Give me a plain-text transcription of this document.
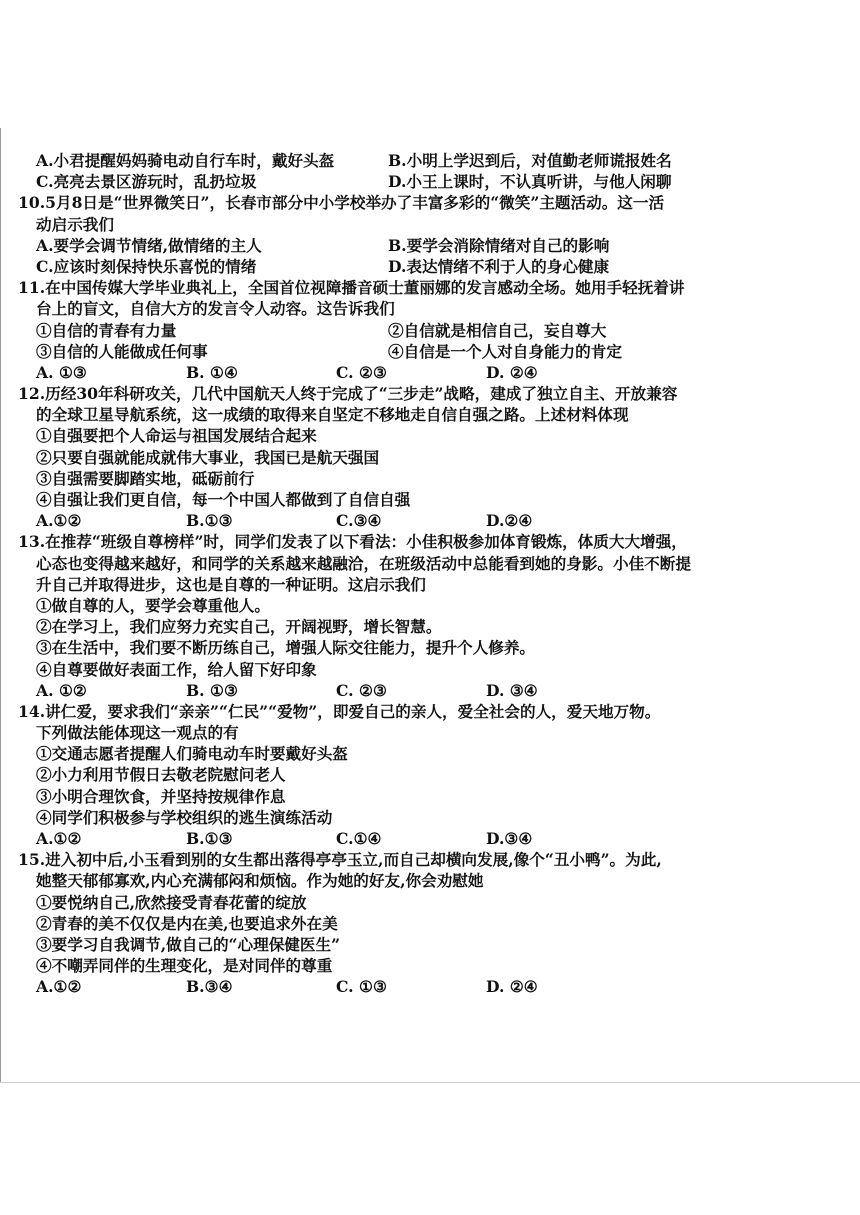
A.小君提醒妈妈骑电动自行车时，戴好头盔	B.小明上学迟到后，对值勤老师谎报姓名
C.亮亮去景区游玩时，乱扔垃圾	D.小王上课时，不认真听讲，与他人闲聊
10.5月8日是“世界微笑日”，长春市部分中小学校举办了丰富多彩的“微笑”主题活动。这一活
动启示我们
A.要学会调节情绪,做情绪的主人	B.要学会消除情绪对自己的影响
C.应该时刻保持快乐喜悦的情绪	D.表达情绪不利于人的身心健康
11.在中国传媒大学毕业典礼上，全国首位视障播音硕士董丽娜的发言感动全场。她用手轻抚着讲
台上的盲文，自信大方的发言令人动容。这告诉我们
①自信的青春有力量	②自信就是相信自己，妄自尊大
③自信的人能做成任何事	④自信是一个人对自身能力的肯定
A. ①③	B. ①④	C. ②③	D. ②④
12.历经30年科研攻关，几代中国航天人终于完成了“三步走”战略，建成了独立自主、开放兼容
的全球卫星导航系统，这一成绩的取得来自坚定不移地走自信自强之路。上述材料体现
①自强要把个人命运与祖国发展结合起来
②只要自强就能成就伟大事业，我国已是航天强国
③自强需要脚踏实地，砥砺前行
④自强让我们更自信，每一个中国人都做到了自信自强
A.①②	B.①③	C.③④	D.②④
13.在推荐“班级自尊榜样”时，同学们发表了以下看法：小佳积极参加体育锻炼，体质大大增强，
心态也变得越来越好，和同学的关系越来越融洽，在班级活动中总能看到她的身影。小佳不断提
升自己并取得进步，这也是自尊的一种证明。这启示我们
①做自尊的人，要学会尊重他人。
②在学习上，我们应努力充实自己，开阔视野，增长智慧。
③在生活中，我们要不断历练自己，增强人际交往能力，提升个人修养。
④自尊要做好表面工作，给人留下好印象
A. ①②	B. ①③	C. ②③	D. ③④
14.讲仁爱，要求我们“亲亲”“仁民”“爱物”，即爱自己的亲人，爱全社会的人，爱天地万物。
下列做法能体现这一观点的有
①交通志愿者提醒人们骑电动车时要戴好头盔
②小力利用节假日去敬老院慰问老人
③小明合理饮食，并坚持按规律作息
④同学们积极参与学校组织的逃生演练活动
A.①②	B.①③	C.①④	D.③④
15.进入初中后,小玉看到别的女生都出落得亭亭玉立,而自己却横向发展,像个“丑小鸭”。为此,
她整天郁郁寡欢,内心充满郁闷和烦恼。作为她的好友,你会劝慰她
①要悦纳自己,欣然接受青春花蕾的绽放
②青春的美不仅仅是内在美,也要追求外在美
③要学习自我调节,做自己的“心理保健医生”
④不嘲弄同伴的生理变化，是对同伴的尊重
A.①②	B.③④	C. ①③	D. ②④
